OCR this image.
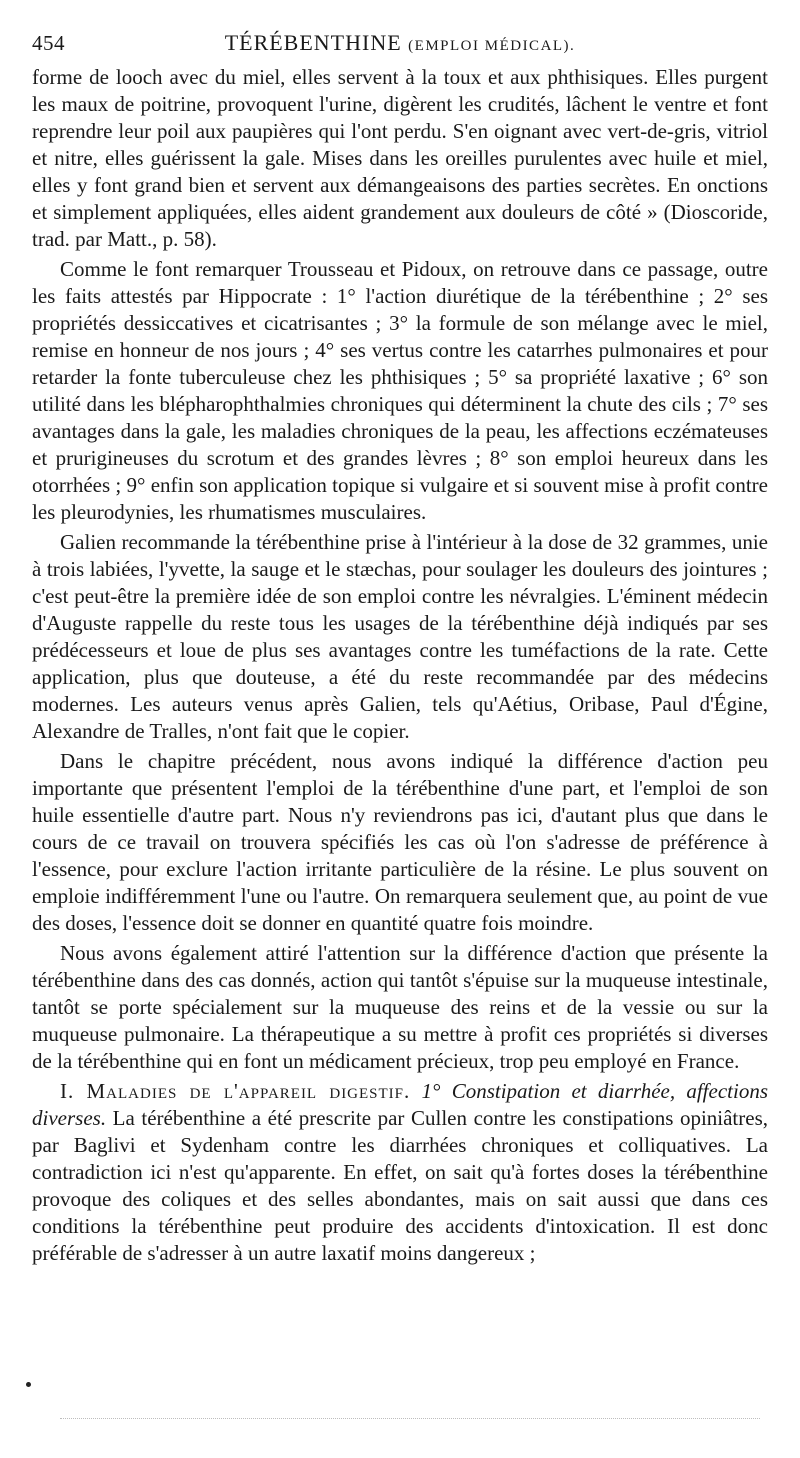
454	TÉRÉBENTHINE (EMPLOI MÉDICAL).

forme de looch avec du miel, elles servent à la toux et aux phthisiques. Elles purgent les maux de poitrine, provoquent l'urine, digèrent les crudités, lâchent le ventre et font reprendre leur poil aux paupières qui l'ont perdu. S'en oignant avec vert-de-gris, vitriol et nitre, elles guérissent la gale. Mises dans les oreilles purulentes avec huile et miel, elles y font grand bien et servent aux démangeaisons des parties secrètes. En onctions et simplement appliquées, elles aident grandement aux douleurs de côté » (Dioscoride, trad. par Matt., p. 58).

Comme le font remarquer Trousseau et Pidoux, on retrouve dans ce passage, outre les faits attestés par Hippocrate : 1° l'action diurétique de la térébenthine ; 2° ses propriétés dessiccatives et cicatrisantes ; 3° la formule de son mélange avec le miel, remise en honneur de nos jours ; 4° ses vertus contre les catarrhes pulmonaires et pour retarder la fonte tuberculeuse chez les phthisiques ; 5° sa propriété laxative ; 6° son utilité dans les blépharophthalmies chroniques qui déterminent la chute des cils ; 7° ses avantages dans la gale, les maladies chroniques de la peau, les affections eczémateuses et prurigineuses du scrotum et des grandes lèvres ; 8° son emploi heureux dans les otorrhées ; 9° enfin son application topique si vulgaire et si souvent mise à profit contre les pleurodynies, les rhumatismes musculaires.

Galien recommande la térébenthine prise à l'intérieur à la dose de 32 grammes, unie à trois labiées, l'yvette, la sauge et le stæchas, pour soulager les douleurs des jointures ; c'est peut-être la première idée de son emploi contre les névralgies. L'éminent médecin d'Auguste rappelle du reste tous les usages de la térébenthine déjà indiqués par ses prédécesseurs et loue de plus ses avantages contre les tuméfactions de la rate. Cette application, plus que douteuse, a été du reste recommandée par des médecins modernes. Les auteurs venus après Galien, tels qu'Aétius, Oribase, Paul d'Égine, Alexandre de Tralles, n'ont fait que le copier.

Dans le chapitre précédent, nous avons indiqué la différence d'action peu importante que présentent l'emploi de la térébenthine d'une part, et l'emploi de son huile essentielle d'autre part. Nous n'y reviendrons pas ici, d'autant plus que dans le cours de ce travail on trouvera spécifiés les cas où l'on s'adresse de préférence à l'essence, pour exclure l'action irritante particulière de la résine. Le plus souvent on emploie indifféremment l'une ou l'autre. On remarquera seulement que, au point de vue des doses, l'essence doit se donner en quantité quatre fois moindre.

Nous avons également attiré l'attention sur la différence d'action que présente la térébenthine dans des cas donnés, action qui tantôt s'épuise sur la muqueuse intestinale, tantôt se porte spécialement sur la muqueuse des reins et de la vessie ou sur la muqueuse pulmonaire. La thérapeutique a su mettre à profit ces propriétés si diverses de la térébenthine qui en font un médicament précieux, trop peu employé en France.

I. Maladies de l'appareil digestif. 1° Constipation et diarrhée, affections diverses. La térébenthine a été prescrite par Cullen contre les constipations opiniâtres, par Baglivi et Sydenham contre les diarrhées chroniques et colliquatives. La contradiction ici n'est qu'apparente. En effet, on sait qu'à fortes doses la térébenthine provoque des coliques et des selles abondantes, mais on sait aussi que dans ces conditions la térébenthine peut produire des accidents d'intoxication. Il est donc préférable de s'adresser à un autre laxatif moins dangereux ;
